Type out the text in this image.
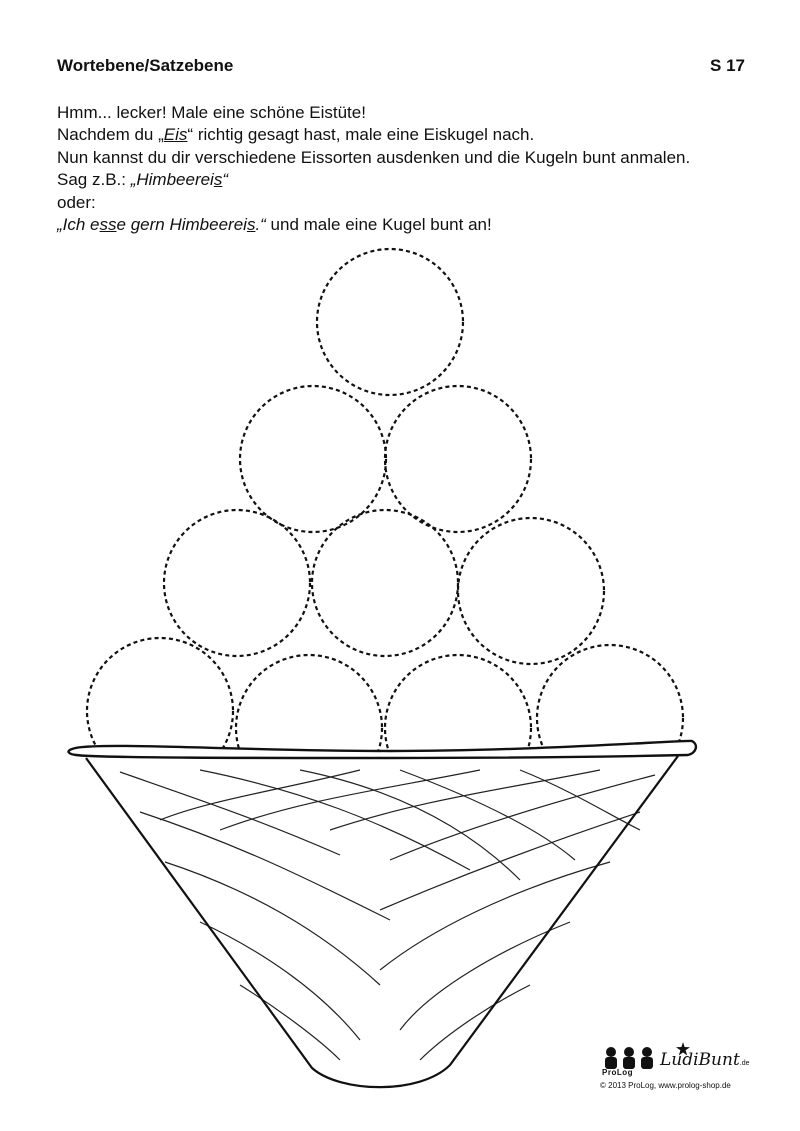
Wortebene/Satzebene	S 17
Hmm... lecker! Male eine schöne Eistüte!
Nachdem du „Eis“ richtig gesagt hast, male eine Eiskugel nach.
Nun kannst du dir verschiedene Eissorten ausdenken und die Kugeln bunt anmalen.
Sag z.B.: „Himbeereis“
oder:
„Ich esse gern Himbeereis.“ und male eine Kugel bunt an!
ProLog
LudiBunt.de
© 2013 ProLog, www.prolog-shop.de
